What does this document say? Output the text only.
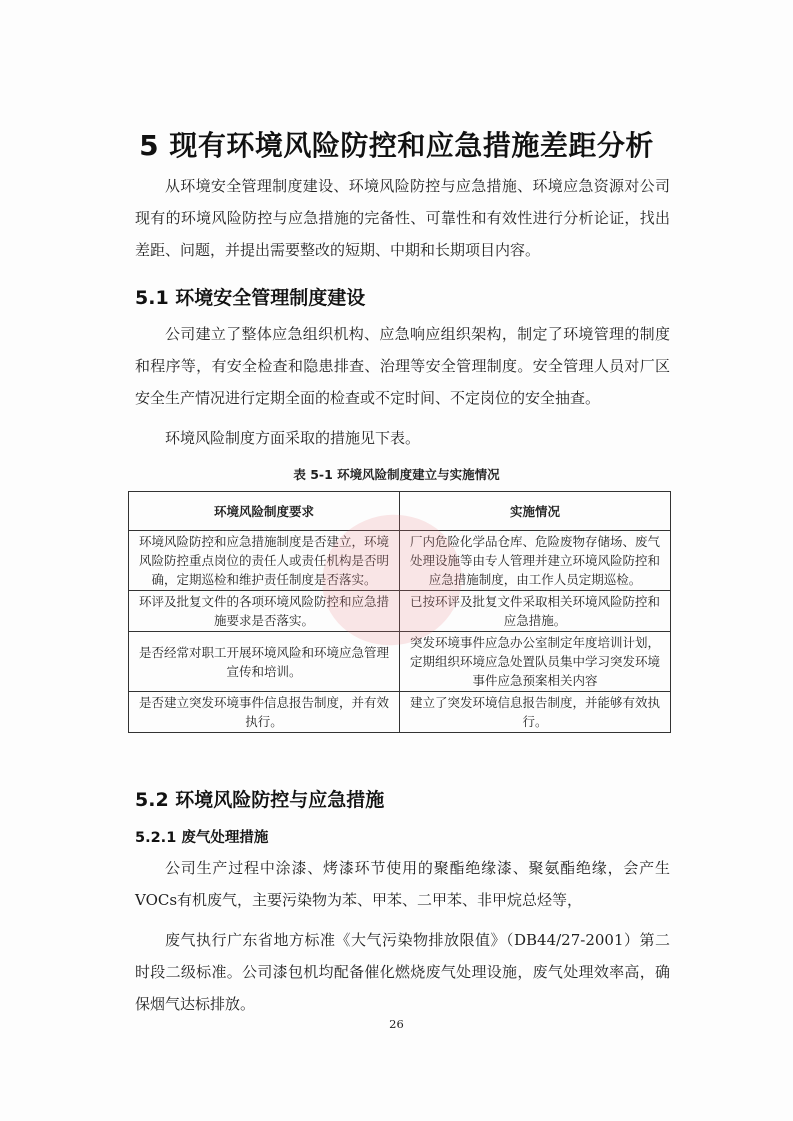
5 现有环境风险防控和应急措施差距分析
从环境安全管理制度建设、环境风险防控与应急措施、环境应急资源对公司现有的环境风险防控与应急措施的完备性、可靠性和有效性进行分析论证，找出差距、问题，并提出需要整改的短期、中期和长期项目内容。
5.1 环境安全管理制度建设
公司建立了整体应急组织机构、应急响应组织架构，制定了环境管理的制度和程序等，有安全检查和隐患排查、治理等安全管理制度。安全管理人员对厂区安全生产情况进行定期全面的检查或不定时间、不定岗位的安全抽查。
环境风险制度方面采取的措施见下表。
表 5-1 环境风险制度建立与实施情况
环境风险制度要求	实施情况
环境风险防控和应急措施制度是否建立，环境风险防控重点岗位的责任人或责任机构是否明确，定期巡检和维护责任制度是否落实。	厂内危险化学品仓库、危险废物存储场、废气处理设施等由专人管理并建立环境风险防控和应急措施制度，由工作人员定期巡检。
环评及批复文件的各项环境风险防控和应急措施要求是否落实。	已按环评及批复文件采取相关环境风险防控和应急措施。
是否经常对职工开展环境风险和环境应急管理宣传和培训。	突发环境事件应急办公室制定年度培训计划，定期组织环境应急处置队员集中学习突发环境事件应急预案相关内容
是否建立突发环境事件信息报告制度，并有效执行。	建立了突发环境信息报告制度，并能够有效执行。
5.2 环境风险防控与应急措施
5.2.1 废气处理措施
公司生产过程中涂漆、烤漆环节使用的聚酯绝缘漆、聚氨酯绝缘，会产生VOCs有机废气，主要污染物为苯、甲苯、二甲苯、非甲烷总烃等，
废气执行广东省地方标准《大气污染物排放限值》（DB44/27-2001）第二时段二级标准。公司漆包机均配备催化燃烧废气处理设施，废气处理效率高，确保烟气达标排放。
26
